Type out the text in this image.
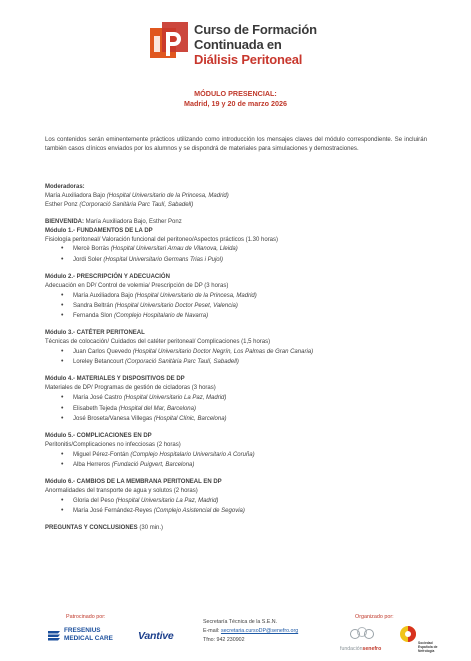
Curso de Formación
Continuada en
Diálisis Peritoneal
MÓDULO PRESENCIAL:
Madrid, 19 y 20 de marzo 2026

Los contenidos serán eminentemente prácticos utilizando como introducción los mensajes claves del módulo correspondiente. Se incluirán también casos clínicos enviados por los alumnos y se dispondrá de materiales para simulaciones y demostraciones.

Moderadoras:
María Auxiliadora Bajo (Hospital Universitario de la Princesa, Madrid)
Esther Ponz (Corporació Sanitària Parc Taulí, Sabadell)
BIENVENIDA: María Auxiliadora Bajo, Esther Ponz
Módulo 1.- FUNDAMENTOS DE LA DP
Fisiología peritoneal/ Valoración funcional del peritoneo/Aspectos prácticos (1.30 horas)
• Mercè Borràs (Hospital Universitari Arnau de Vilanova, Lleida)
• Jordi Soler (Hospital Universitario Germans Trias i Pujol)
Módulo 2.- PRESCRIPCIÓN Y ADECUACIÓN
Adecuación en DP/ Control de volemia/ Prescripción de DP (3 horas)
• María Auxiliadora Bajo (Hospital Universitario de la Princesa, Madrid)
• Sandra Beltrán (Hospital Universitario Doctor Peset, Valencia)
• Fernanda Slon (Complejo Hospitalario de Navarra)
Módulo 3.- CATÉTER PERITONEAL
Técnicas de colocación/ Cuidados del catéter peritoneal/ Complicaciones (1,5 horas)
• Juan Carlos Quevedo (Hospital Universitario Doctor Negrín, Los Palmas de Gran Canaria)
• Loreley Betancourt (Corporació Sanitària Parc Taulí, Sabadell)
Módulo 4.- MATERIALES Y DISPOSITIVOS DE DP
Materiales de DP/ Programas de gestión de cicladoras (3 horas)
• María José Castro (Hospital Universitario La Paz, Madrid)
• Elisabeth Tejeda (Hospital del Mar, Barcelona)
• José Broseta/Vanesa Villegas (Hospital Clínic, Barcelona)
Módulo 5.- COMPLICACIONES EN DP
Peritonitis/Complicaciones no infecciosas (2 horas)
• Miguel Pérez-Fontán (Complejo Hospitalario Universitario A Coruña)
• Alba Herreros (Fundació Puigvert, Barcelona)
Módulo 6.- CAMBIOS DE LA MEMBRANA PERITONEAL EN DP
Anormalidades del transporte de agua y solutos (2 horas)
• Gloria del Peso (Hospital Universitario La Paz, Madrid)
• María José Fernández-Reyes (Complejo Asistencial de Segovia)
PREGUNTAS Y CONCLUSIONES (30 min.)
Patrocinado por:	Organizado por:
FRESENIUS
MEDICAL CARE	Vantive
Secretaría Técnica de la S.E.N.
E-mail: secretaria.cursoDP@senefro.org
Tfno: 942 230902
fundaciónsenefro
Sociedad
Española de
Nefrología
